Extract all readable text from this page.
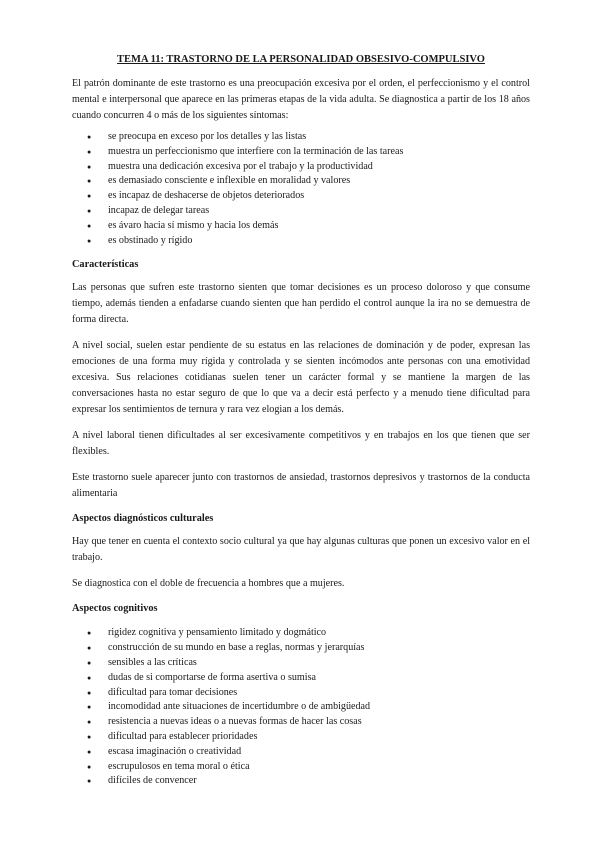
TEMA 11: TRASTORNO DE LA PERSONALIDAD OBSESIVO-COMPULSIVO

El patrón dominante de este trastorno es una preocupación excesiva por el orden, el perfeccionismo y el control mental e interpersonal que aparece en las primeras etapas de la vida adulta. Se diagnostica a partir de los 18 años cuando concurren 4 o más de los siguientes síntomas:

● se preocupa en exceso por los detalles y las listas
● muestra un perfeccionismo que interfiere con la terminación de las tareas
● muestra una dedicación excesiva por el trabajo y la productividad
● es demasiado consciente e inflexible en moralidad y valores
● es incapaz de deshacerse de objetos deteriorados
● incapaz de delegar tareas
● es ávaro hacia sí mismo y hacia los demás
● es obstinado y rígido
Características

Las personas que sufren este trastorno sienten que tomar decisiones es un proceso doloroso y que consume tiempo, además tienden a enfadarse cuando sienten que han perdido el control aunque la ira no se demuestra de forma directa.

A nivel social, suelen estar pendiente de su estatus en las relaciones de dominación y de poder, expresan las emociones de una forma muy rígida y controlada y se sienten incómodos ante personas con una emotividad excesiva. Sus relaciones cotidianas suelen tener un carácter formal y se mantiene la margen de las conversaciones hasta no estar seguro de que lo que va a decir está perfecto y a menudo tiene dificultad para expresar los sentimientos de ternura y rara vez elogian a los demás.

A nivel laboral tienen dificultades al ser excesivamente competitivos y en trabajos en los que tienen que ser flexibles.

Este trastorno suele aparecer junto con trastornos de ansiedad, trastornos depresivos y trastornos de la conducta alimentaria

Aspectos diagnósticos culturales

Hay que tener en cuenta el contexto socio cultural ya que hay algunas culturas que ponen un excesivo valor en el trabajo.

Se diagnostica con el doble de frecuencia a hombres que a mujeres.

Aspectos cognitivos
● rigidez cognitiva y pensamiento limitado y dogmático
● construcción de su mundo en base a reglas, normas y jerarquías
● sensibles a las críticas
● dudas de si comportarse de forma asertiva o sumisa
● dificultad para tomar decisiones
● incomodidad ante situaciones de incertidumbre o de ambigüedad
● resistencia a nuevas ideas o a nuevas formas de hacer las cosas
● dificultad para establecer prioridades
● escasa imaginación o creatividad
● escrupulosos en tema moral o ética
● difíciles de convencer
